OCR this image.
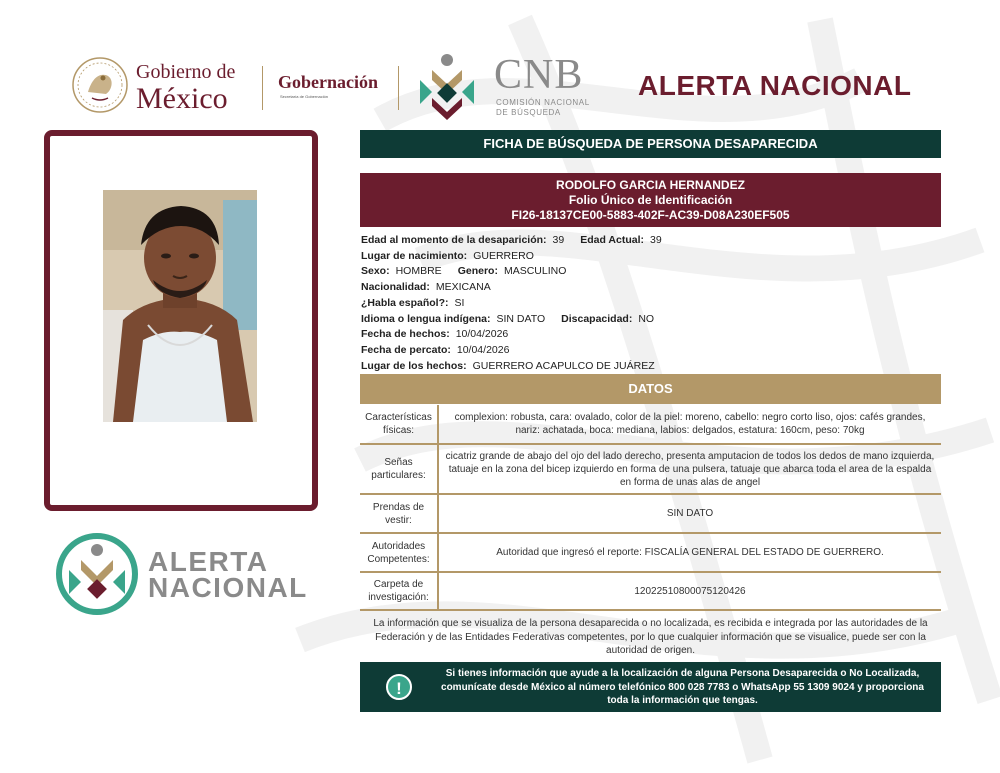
Gobierno de
México	Gobernación
Secretaría de Gobernación	CNB
COMISIÓN NACIONAL
DE BÚSQUEDA
ALERTA NACIONAL
ALERTA
NACIONAL
FICHA DE BÚSQUEDA DE PERSONA DESAPARECIDA
RODOLFO GARCIA HERNANDEZ
Folio Único de Identificación
FI26-18137CE00-5883-402F-AC39-D08A230EF505
Edad al momento de la desaparición: 39 Edad Actual: 39
Lugar de nacimiento: GUERRERO
Sexo: HOMBRE Genero: MASCULINO
Nacionalidad: MEXICANA
¿Habla español?: SI
Idioma o lengua indígena: SIN DATO Discapacidad: NO
Fecha de hechos: 10/04/2026
Fecha de percato: 10/04/2026
Lugar de los hechos: GUERRERO ACAPULCO DE JUÁREZ
DATOS
Características físicas:
complexion: robusta, cara: ovalado, color de la piel: moreno, cabello: negro corto liso, ojos: cafés grandes, nariz: achatada, boca: mediana, labios: delgados, estatura: 160cm, peso: 70kg
Señas particulares:
cicatriz grande de abajo del ojo del lado derecho, presenta amputacion de todos los dedos de mano izquierda, tatuaje en la zona del bicep izquierdo en forma de una pulsera, tatuaje que abarca toda el area de la espalda en forma de unas alas de angel
Prendas de vestir:
SIN DATO
Autoridades Competentes:
Autoridad que ingresó el reporte: FISCALÍA GENERAL DEL ESTADO DE GUERRERO.
Carpeta de investigación:
12022510800075120426
La información que se visualiza de la persona desaparecida o no localizada, es recibida e integrada por las autoridades de la Federación y de las Entidades Federativas competentes, por lo que cualquier información que se visualice, puede ser con la autoridad de origen.
!
Si tienes información que ayude a la localización de alguna Persona Desaparecida o No Localizada, comunícate desde México al número telefónico 800 028 7783 o WhatsApp 55 1309 9024 y proporciona toda la información que tengas.
